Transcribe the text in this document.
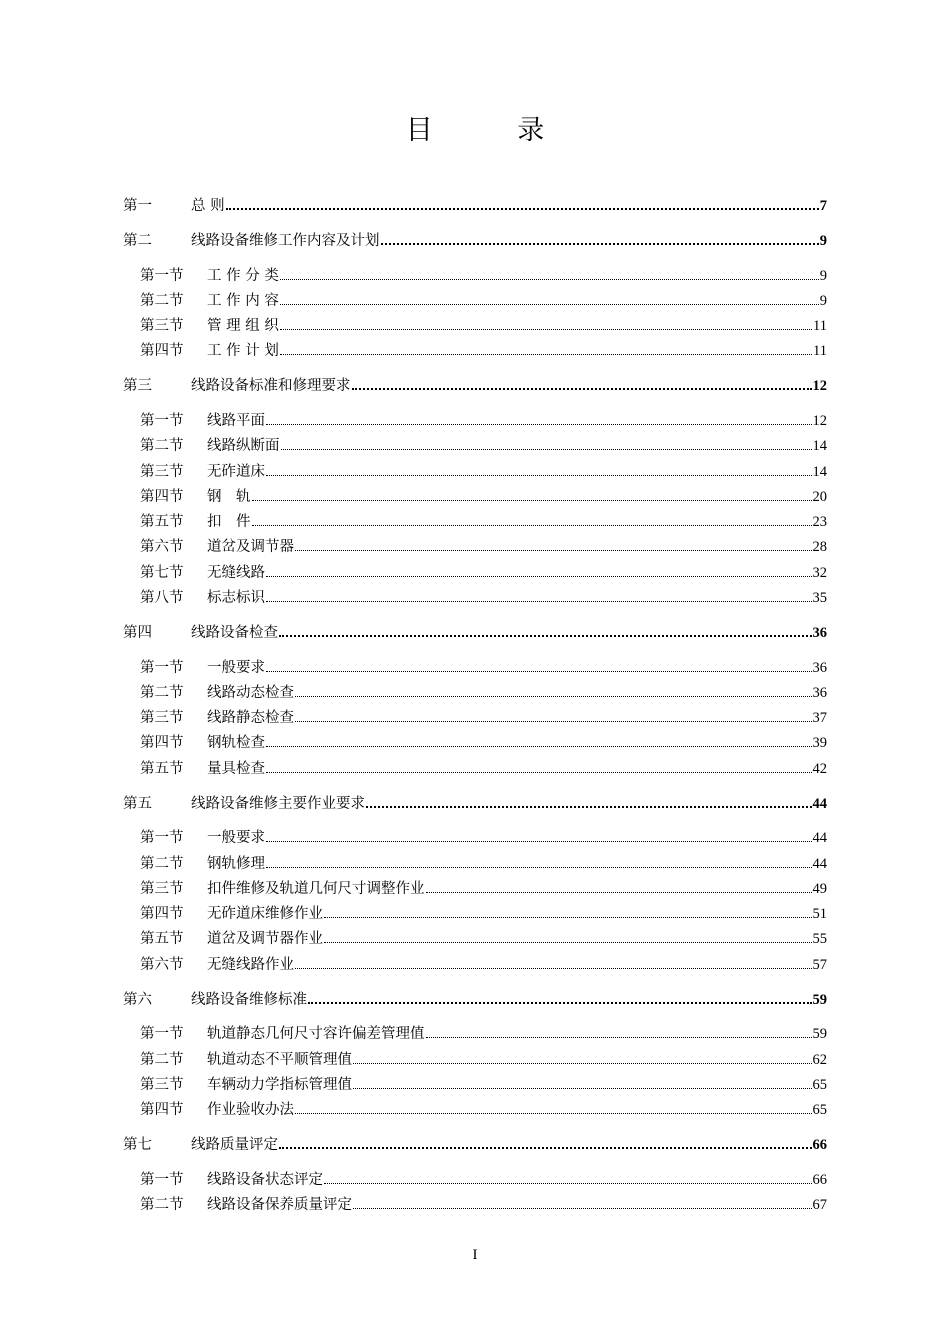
目 录
第一	总 则	7
第二	线路设备维修工作内容及计划	9
第一节	工 作 分 类	9
第二节	工 作 内 容	9
第三节	管 理 组 织	11
第四节	工 作 计 划	11
第三	线路设备标准和修理要求	12
第一节	线路平面	12
第二节	线路纵断面	14
第三节	无砟道床	14
第四节	钢　轨	20
第五节	扣　件	23
第六节	道岔及调节器	28
第七节	无缝线路	32
第八节	标志标识	35
第四	线路设备检查	36
第一节	一般要求	36
第二节	线路动态检查	36
第三节	线路静态检查	37
第四节	钢轨检查	39
第五节	量具检查	42
第五	线路设备维修主要作业要求	44
第一节	一般要求	44
第二节	钢轨修理	44
第三节	扣件维修及轨道几何尺寸调整作业	49
第四节	无砟道床维修作业	51
第五节	道岔及调节器作业	55
第六节	无缝线路作业	57
第六	线路设备维修标准	59
第一节	轨道静态几何尺寸容许偏差管理值	59
第二节	轨道动态不平顺管理值	62
第三节	车辆动力学指标管理值	65
第四节	作业验收办法	65
第七	线路质量评定	66
第一节	线路设备状态评定	66
第二节	线路设备保养质量评定	67
I
